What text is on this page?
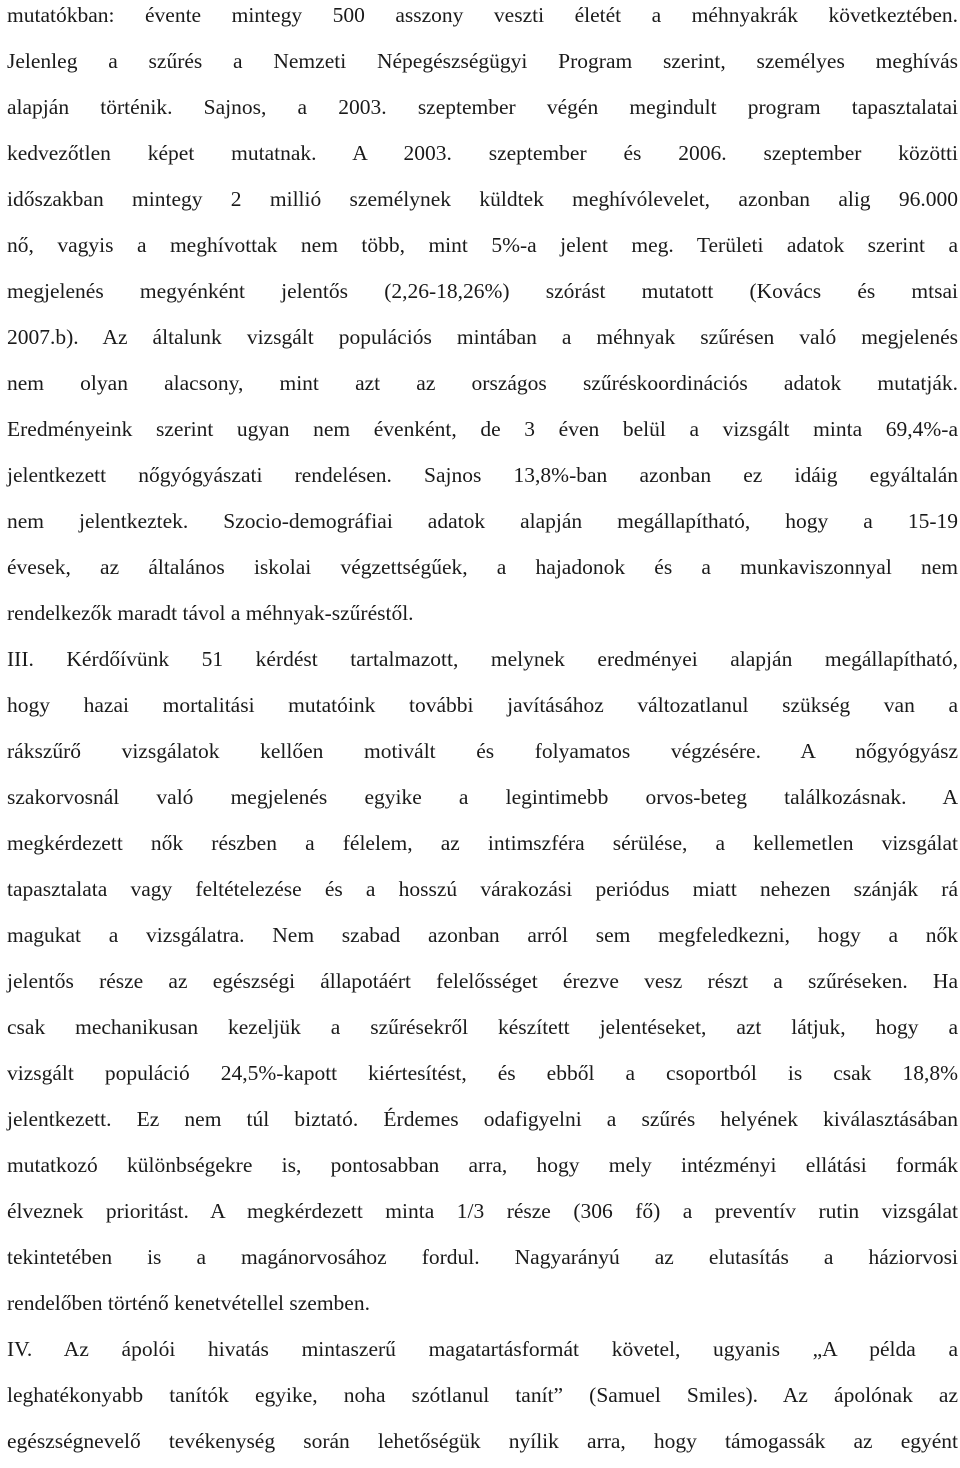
mutatókban: évente mintegy 500 asszony veszti életét a méhnyakrák következtében.
Jelenleg a szűrés a Nemzeti Népegészségügyi Program szerint, személyes meghívás
alapján történik. Sajnos, a 2003. szeptember végén megindult program tapasztalatai
kedvezőtlen képet mutatnak. A 2003. szeptember és 2006. szeptember közötti
időszakban mintegy 2 millió személynek küldtek meghívólevelet, azonban alig 96.000
nő, vagyis a meghívottak nem több, mint 5%-a jelent meg. Területi adatok szerint a
megjelenés megyénként jelentős (2,26-18,26%) szórást mutatott (Kovács és mtsai
2007.b). Az általunk vizsgált populációs mintában a méhnyak szűrésen való megjelenés
nem olyan alacsony, mint azt az országos szűréskoordinációs adatok mutatják.
Eredményeink szerint ugyan nem évenként, de 3 éven belül a vizsgált minta 69,4%-a
jelentkezett nőgyógyászati rendelésen. Sajnos 13,8%-ban azonban ez idáig egyáltalán
nem jelentkeztek. Szocio-demográfiai adatok alapján megállapítható, hogy a 15-19
évesek, az általános iskolai végzettségűek, a hajadonok és a munkaviszonnyal nem
rendelkezők maradt távol a méhnyak-szűréstől.
III. Kérdőívünk 51 kérdést tartalmazott, melynek eredményei alapján megállapítható,
hogy hazai mortalitási mutatóink további javításához változatlanul szükség van a
rákszűrő vizsgálatok kellően motivált és folyamatos végzésére. A nőgyógyász
szakorvosnál való megjelenés egyike a legintimebb orvos-beteg találkozásnak. A
megkérdezett nők részben a félelem, az intimszféra sérülése, a kellemetlen vizsgálat
tapasztalata vagy feltételezése és a hosszú várakozási periódus miatt nehezen szánják rá
magukat a vizsgálatra. Nem szabad azonban arról sem megfeledkezni, hogy a nők
jelentős része az egészségi állapotáért felelősséget érezve vesz részt a szűréseken. Ha
csak mechanikusan kezeljük a szűrésekről készített jelentéseket, azt látjuk, hogy a
vizsgált populáció 24,5%-kapott kiértesítést, és ebből a csoportból is csak 18,8%
jelentkezett. Ez nem túl biztató. Érdemes odafigyelni a szűrés helyének kiválasztásában
mutatkozó különbségekre is, pontosabban arra, hogy mely intézményi ellátási formák
élveznek prioritást. A megkérdezett minta 1/3 része (306 fő) a preventív rutin vizsgálat
tekintetében is a magánorvosához fordul. Nagyarányú az elutasítás a háziorvosi
rendelőben történő kenetvétellel szemben.
IV. Az ápolói hivatás mintaszerű magatartásformát követel, ugyanis „A példa a
leghatékonyabb tanítók egyike, noha szótlanul tanít” (Samuel Smiles). Az ápolónak az
egészségnevelő tevékenység során lehetőségük nyílik arra, hogy támogassák az egyént
